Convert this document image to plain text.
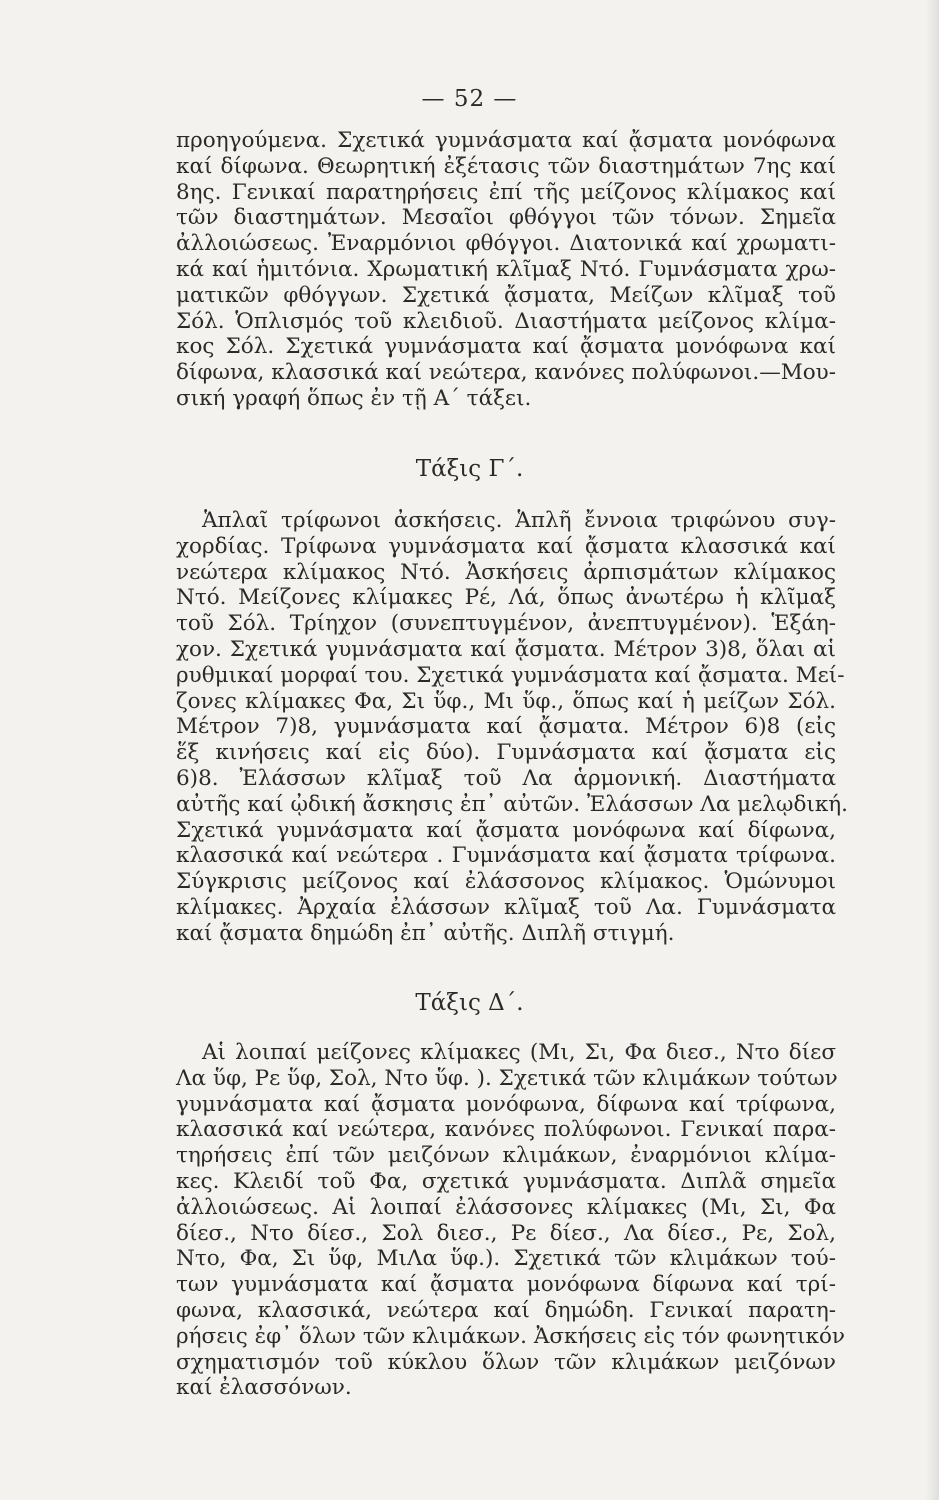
— 52 —
προηγούμενα. Σχετικά γυμνάσματα καί ᾄσματα μονόφωνα
καί δίφωνα. Θεωρητική ἐξέτασις τῶν διαστημάτων 7ης καί
8ης. Γενικαί παρατηρήσεις ἐπί τῆς μείζονος κλίμακος καί
τῶν διαστημάτων. Μεσαῖοι φθόγγοι τῶν τόνων. Σημεῖα
ἀλλοιώσεως. Ἐναρμόνιοι φθόγγοι. Διατονικά καί χρωματι-
κά καί ἡμιτόνια. Χρωματική κλῖμαξ Ντό. Γυμνάσματα χρω-
ματικῶν φθόγγων. Σχετικά ᾄσματα, Μείζων κλῖμαξ τοῦ
Σόλ. Ὁπλισμός τοῦ κλειδιοῦ. Διαστήματα μείζονος κλίμα-
κος Σόλ. Σχετικά γυμνάσματα καί ᾄσματα μονόφωνα καί
δίφωνα, κλασσικά καί νεώτερα, κανόνες πολύφωνοι.—Μου-
σική γραφή ὅπως ἐν τῇ Α΄ τάξει.
Τάξις Γ΄.
Ἁπλαῖ τρίφωνοι ἀσκήσεις. Ἁπλῆ ἔννοια τριφώνου συγ-
χορδίας. Τρίφωνα γυμνάσματα καί ᾄσματα κλασσικά καί
νεώτερα κλίμακος Ντό. Ἀσκήσεις ἀρπισμάτων κλίμακος
Ντό. Μείζονες κλίμακες Ρέ, Λά, ὅπως ἀνωτέρω ἡ κλῖμαξ
τοῦ Σόλ. Τρίηχον (συνεπτυγμένον, ἀνεπτυγμένον). Ἑξάη-
χον. Σχετικά γυμνάσματα καί ᾄσματα. Μέτρον 3)8, ὅλαι αἱ
ρυθμικαί μορφαί του. Σχετικά γυμνάσματα καί ᾄσματα. Μεί-
ζονες κλίμακες Φα, Σι ὕφ., Μι ὕφ., ὅπως καί ἡ μείζων Σόλ.
Μέτρον 7)8, γυμνάσματα καί ᾄσματα. Μέτρον 6)8 (εἰς
ἕξ κινήσεις καί εἰς δύο). Γυμνάσματα καί ᾄσματα εἰς
6)8. Ἐλάσσων κλῖμαξ τοῦ Λα ἁρμονική. Διαστήματα
αὐτῆς καί ᾠδική ἄσκησις ἐπ᾽ αὐτῶν. Ἐλάσσων Λα μελῳδική.
Σχετικά γυμνάσματα καί ᾄσματα μονόφωνα καί δίφωνα,
κλασσικά καί νεώτερα . Γυμνάσματα καί ᾄσματα τρίφωνα.
Σύγκρισις μείζονος καί ἐλάσσονος κλίμακος. Ὁμώνυμοι
κλίμακες. Ἀρχαία ἐλάσσων κλῖμαξ τοῦ Λα. Γυμνάσματα
καί ᾄσματα δημώδη ἐπ᾽ αὐτῆς. Διπλῆ στιγμή.
Τάξις Δ΄.
Αἱ λοιπαί μείζονες κλίμακες (Μι, Σι, Φα διεσ., Ντο δίεσ
Λα ὕφ, Ρε ὕφ, Σολ, Ντο ὕφ. ). Σχετικά τῶν κλιμάκων τούτων
γυμνάσματα καί ᾄσματα μονόφωνα, δίφωνα καί τρίφωνα,
κλασσικά καί νεώτερα, κανόνες πολύφωνοι. Γενικαί παρα-
τηρήσεις ἐπί τῶν μειζόνων κλιμάκων, ἐναρμόνιοι κλίμα-
κες. Κλειδί τοῦ Φα, σχετικά γυμνάσματα. Διπλᾶ σημεῖα
ἀλλοιώσεως. Αἱ λοιπαί ἐλάσσονες κλίμακες (Μι, Σι, Φα
δίεσ., Ντο δίεσ., Σολ διεσ., Ρε δίεσ., Λα δίεσ., Ρε, Σολ,
Ντο, Φα, Σι ὕφ, ΜιΛα ὕφ.). Σχετικά τῶν κλιμάκων τού-
των γυμνάσματα καί ᾄσματα μονόφωνα δίφωνα καί τρί-
φωνα, κλασσικά, νεώτερα καί δημώδη. Γενικαί παρατη-
ρήσεις ἐφ᾽ ὅλων τῶν κλιμάκων. Ἀσκήσεις εἰς τόν φωνητικόν
σχηματισμόν τοῦ κύκλου ὅλων τῶν κλιμάκων μειζόνων
καί ἐλασσόνων.
